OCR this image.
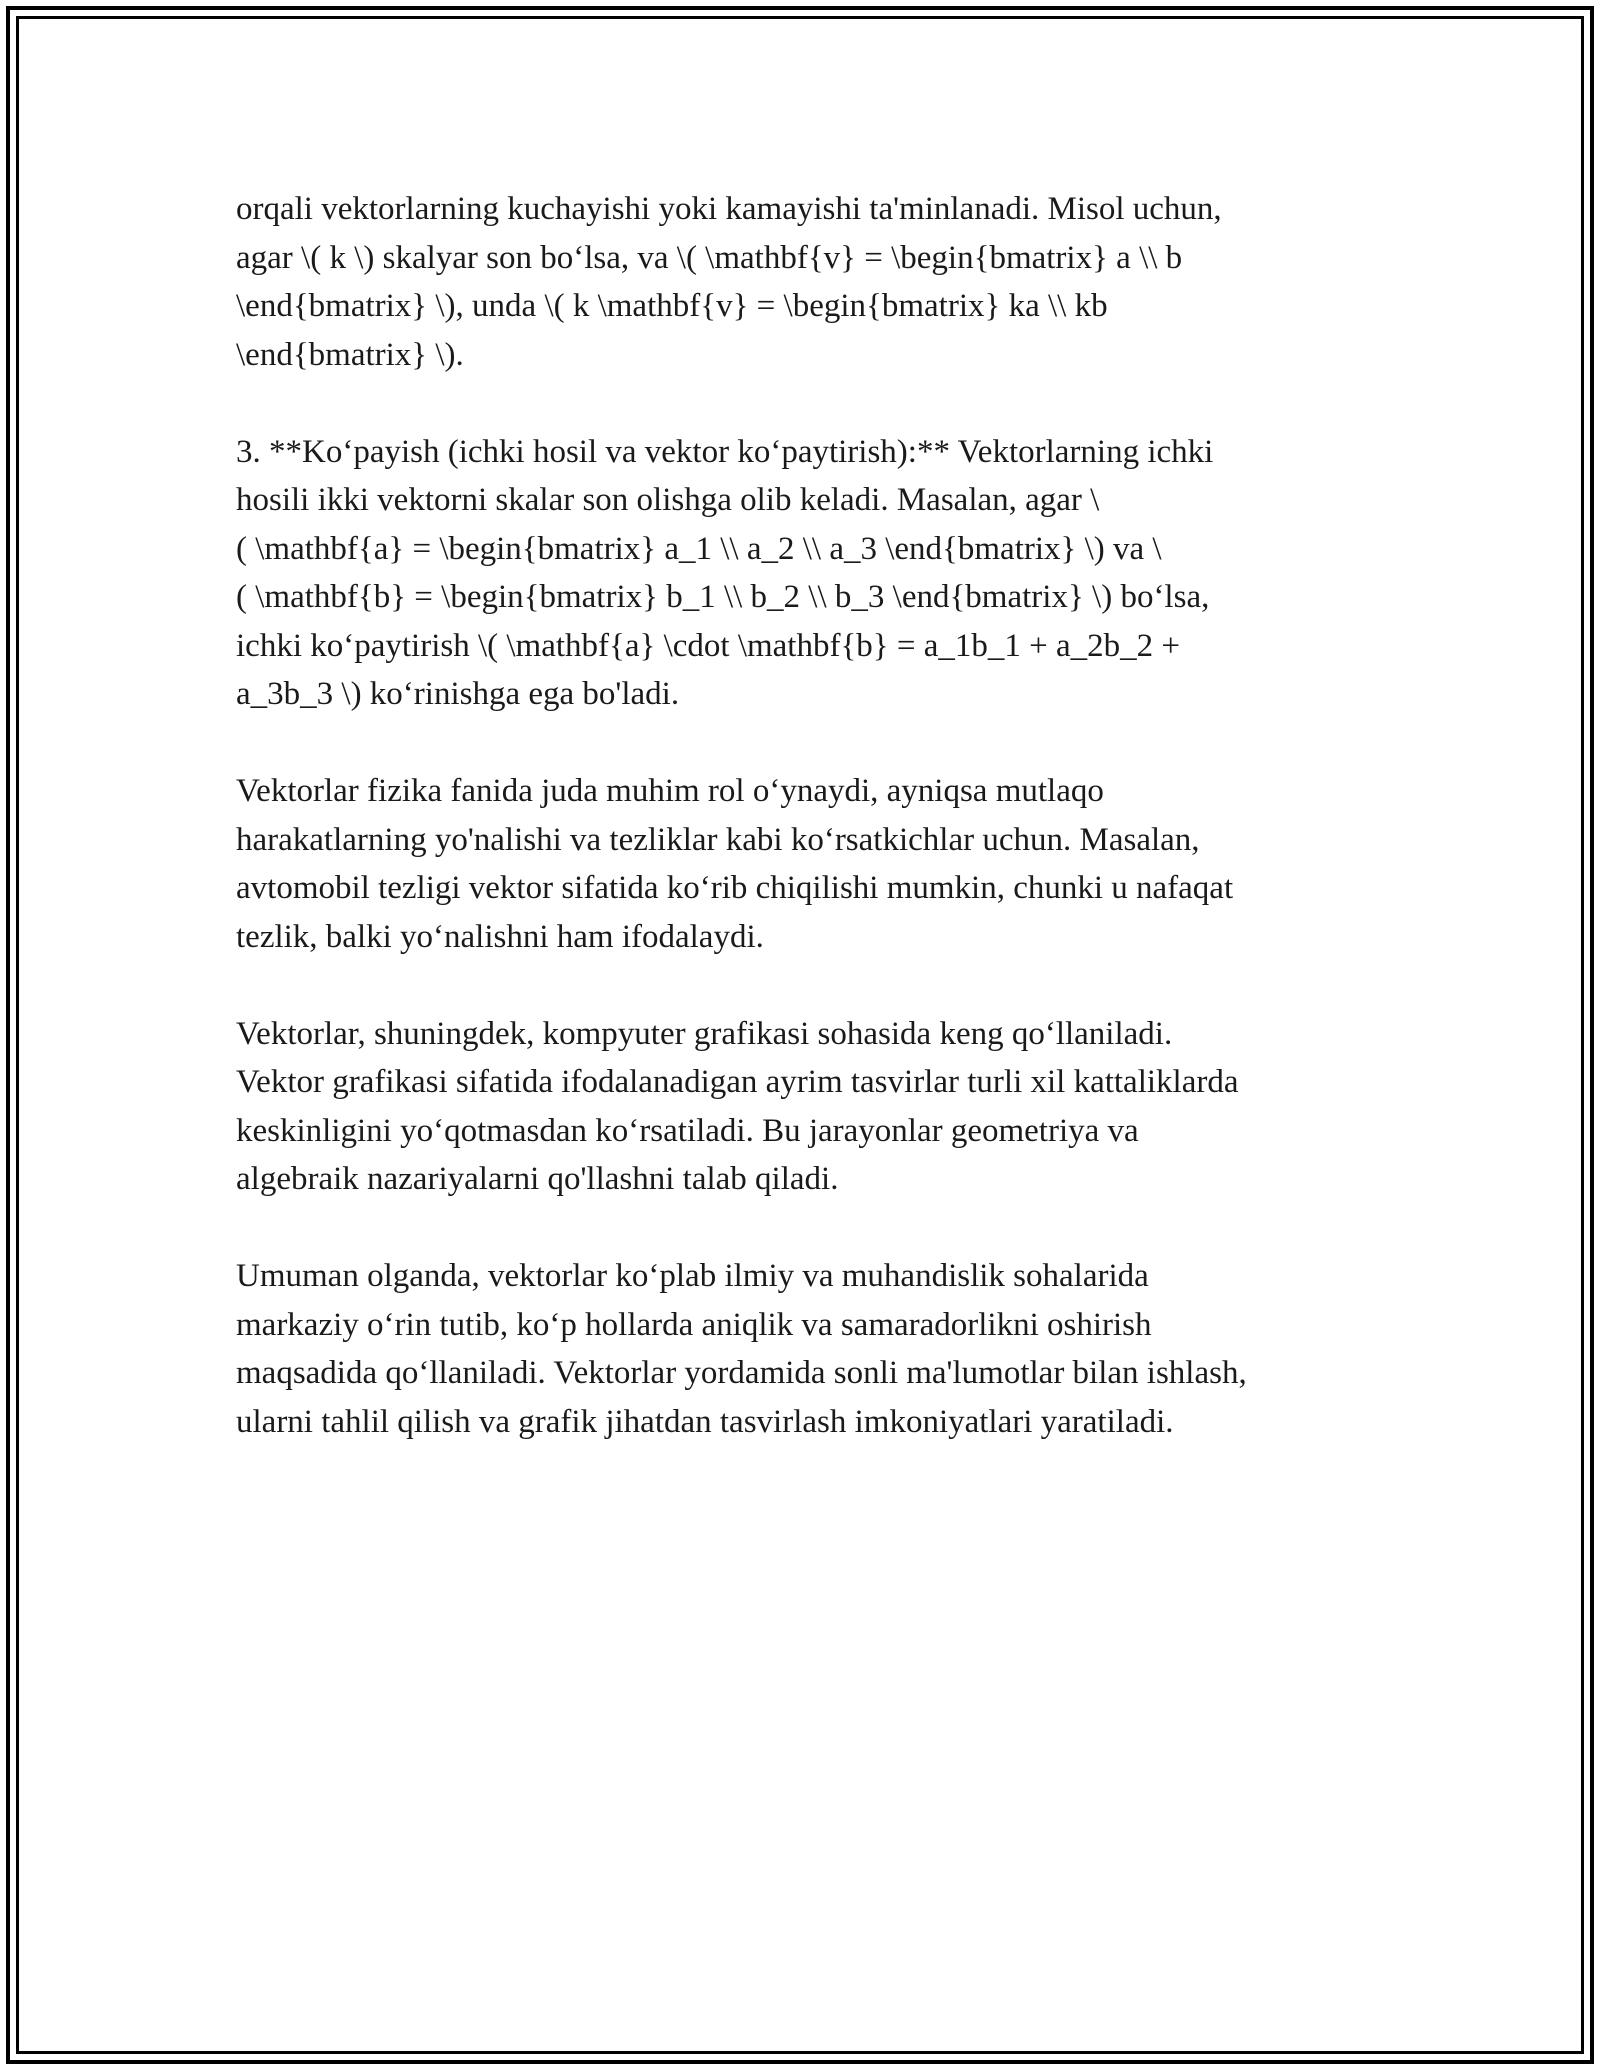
orqali vektorlarning kuchayishi yoki kamayishi ta'minlanadi. Misol uchun,
agar \( k \) skalyar son bo‘lsa, va \( \mathbf{v} = \begin{bmatrix} a \\ b
\end{bmatrix} \), unda \( k \mathbf{v} = \begin{bmatrix} ka \\ kb
\end{bmatrix} \).

3. **Ko‘payish (ichki hosil va vektor ko‘paytirish):** Vektorlarning ichki
hosili ikki vektorni skalar son olishga olib keladi. Masalan, agar \
( \mathbf{a} = \begin{bmatrix} a_1 \\ a_2 \\ a_3 \end{bmatrix} \) va \
( \mathbf{b} = \begin{bmatrix} b_1 \\ b_2 \\ b_3 \end{bmatrix} \) bo‘lsa,
ichki ko‘paytirish \( \mathbf{a} \cdot \mathbf{b} = a_1b_1 + a_2b_2 +
a_3b_3 \) ko‘rinishga ega bo'ladi.

Vektorlar fizika fanida juda muhim rol o‘ynaydi, ayniqsa mutlaqo
harakatlarning yo'nalishi va tezliklar kabi ko‘rsatkichlar uchun. Masalan,
avtomobil tezligi vektor sifatida ko‘rib chiqilishi mumkin, chunki u nafaqat
tezlik, balki yo‘nalishni ham ifodalaydi.

Vektorlar, shuningdek, kompyuter grafikasi sohasida keng qo‘llaniladi.
Vektor grafikasi sifatida ifodalanadigan ayrim tasvirlar turli xil kattaliklarda
keskinligini yo‘qotmasdan ko‘rsatiladi. Bu jarayonlar geometriya va
algebraik nazariyalarni qo'llashni talab qiladi.

Umuman olganda, vektorlar ko‘plab ilmiy va muhandislik sohalarida
markaziy o‘rin tutib, ko‘p hollarda aniqlik va samaradorlikni oshirish
maqsadida qo‘llaniladi. Vektorlar yordamida sonli ma'lumotlar bilan ishlash,
ularni tahlil qilish va grafik jihatdan tasvirlash imkoniyatlari yaratiladi.
